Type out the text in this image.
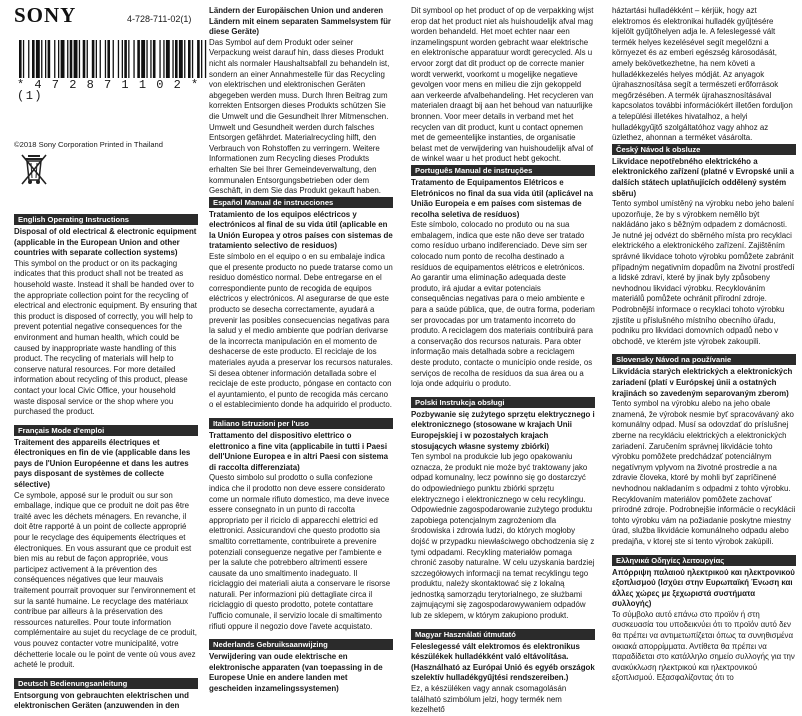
SONY	4-728-711-02(1)
* 4 7 2 8 7 1 1 0 2 * (1)
©2018 Sony Corporation Printed in Thailand
English Operating Instructions
Disposal of old electrical & electronic equipment (applicable in the European Union and other countries with separate collection systems)
This symbol on the product or on its packaging indicates that this product shall not be treated as household waste. Instead it shall be handed over to the appropriate collection point for the recycling of electrical and electronic equipment. By ensuring that this product is disposed of correctly, you will help to prevent potential negative consequences for the environment and human health, which could be caused by inappropriate waste handling of this product. The recycling of materials will help to conserve natural resources. For more detailed information about recycling of this product, please contact your local Civic Office, your household waste disposal service or the shop where you purchased the product.
Français Mode d'emploi
Traitement des appareils électriques et électroniques en fin de vie (applicable dans les pays de l'Union Européenne et dans les autres pays disposant de systèmes de collecte sélective)
Ce symbole, apposé sur le produit ou sur son emballage, indique que ce produit ne doit pas être traité avec les déchets ménagers. En revanche, il doit être rapporté à un point de collecte approprié pour le recyclage des équipements électriques et électroniques. En vous assurant que ce produit est bien mis au rebut de façon appropriée, vous participez activement à la prévention des conséquences négatives que leur mauvais traitement pourrait provoquer sur l'environnement et sur la santé humaine. Le recyclage des matériaux contribue par ailleurs à la préservation des ressources naturelles. Pour toute information complémentaire au sujet du recyclage de ce produit, vous pouvez contacter votre municipalité, votre déchetterie locale ou le point de vente où vous avez acheté le produit.
Deutsch Bedienungsanleitung
Entsorgung von gebrauchten elektrischen und elektronischen Geräten (anzuwenden in den
Ländern der Europäischen Union und anderen Ländern mit einem separaten Sammelsystem für diese Geräte)
Das Symbol auf dem Produkt oder seiner Verpackung weist darauf hin, dass dieses Produkt nicht als normaler Haushaltsabfall zu behandeln ist, sondern an einer Annahmestelle für das Recycling von elektrischen und elektronischen Geräten abgegeben werden muss. Durch Ihren Beitrag zum korrekten Entsorgen dieses Produkts schützen Sie die Umwelt und die Gesundheit Ihrer Mitmenschen. Umwelt und Gesundheit werden durch falsches Entsorgen gefährdet. Materialrecycling hilft, den Verbrauch von Rohstoffen zu verringern. Weitere Informationen zum Recycling dieses Produkts erhalten Sie bei Ihrer Gemeindeverwaltung, den kommunalen Entsorgungsbetrieben oder dem Geschäft, in dem Sie das Produkt gekauft haben.
Español Manual de instrucciones
Tratamiento de los equipos eléctricos y electrónicos al final de su vida útil (aplicable en la Unión Europea y otros países con sistemas de tratamiento selectivo de residuos)
Este símbolo en el equipo o en su embalaje indica que el presente producto no puede tratarse como un residuo doméstico normal. Debe entregarse en el correspondiente punto de recogida de equipos eléctricos y electrónicos. Al asegurarse de que este producto se desecha correctamente, ayudará a prevenir las posibles consecuencias negativas para la salud y el medio ambiente que podrían derivarse de la incorrecta manipulación en el momento de deshacerse de este producto. El reciclaje de los materiales ayuda a preservar los recursos naturales. Si desea obtener información detallada sobre el reciclaje de este producto, póngase en contacto con el ayuntamiento, el punto de recogida más cercano o el establecimiento donde ha adquirido el producto.
Italiano Istruzioni per l'uso
Trattamento del dispositivo elettrico o elettronico a fine vita (applicabile in tutti i Paesi dell'Unione Europea e in altri Paesi con sistema di raccolta differenziata)
Questo simbolo sul prodotto o sulla confezione indica che il prodotto non deve essere considerato come un normale rifiuto domestico, ma deve invece essere consegnato in un punto di raccolta appropriato per il riciclo di apparecchi elettrici ed elettronici. Assicurandovi che questo prodotto sia smaltito correttamente, contribuirete a prevenire potenziali conseguenze negative per l'ambiente e per la salute che potrebbero altrimenti essere causate da uno smaltimento inadeguato. Il riciclaggio dei materiali aiuta a conservare le risorse naturali. Per informazioni più dettagliate circa il riciclaggio di questo prodotto, potete contattare l'ufficio comunale, il servizio locale di smaltimento rifiuti oppure il negozio dove l'avete acquistato.
Nederlands Gebruiksaanwijzing
Verwijdering van oude elektrische en elektronische apparaten (van toepassing in de Europese Unie en andere landen met gescheiden inzamelingssystemen)
Dit symbool op het product of op de verpakking wijst erop dat het product niet als huishoudelijk afval mag worden behandeld. Het moet echter naar een inzamelingspunt worden gebracht waar elektrische en elektronische apparatuur wordt gerecycled. Als u ervoor zorgt dat dit product op de correcte manier wordt verwerkt, voorkomt u mogelijke negatieve gevolgen voor mens en milieu die zijn gekoppeld aan verkeerde afvalbehandeling. Het recycleren van materialen draagt bij aan het behoud van natuurlijke bronnen. Voor meer details in verband met het recyclen van dit product, kunt u contact opnemen met de gemeentelijke instanties, de organisatie belast met de verwijdering van huishoudelijk afval of de winkel waar u het product hebt gekocht.
Português Manual de instruções
Tratamento de Equipamentos Elétricos e Eletrónicos no final da sua vida útil (aplicável na União Europeia e em países com sistemas de recolha seletiva de resíduos)
Este símbolo, colocado no produto ou na sua embalagem, indica que este não deve ser tratado como resíduo urbano indiferenciado. Deve sim ser colocado num ponto de recolha destinado a resíduos de equipamentos elétricos e eletrónicos. Ao garantir uma eliminação adequada deste produto, irá ajudar a evitar potenciais consequências negativas para o meio ambiente e para a saúde pública, que, de outra forma, poderiam ser provocadas por um tratamento incorreto do produto. A reciclagem dos materiais contribuirá para a conservação dos recursos naturais. Para obter informação mais detalhada sobre a reciclagem deste produto, contacte o município onde reside, os serviços de recolha de resíduos da sua área ou a loja onde adquiriu o produto.
Polski Instrukcja obsługi
Pozbywanie się zużytego sprzętu elektrycznego i elektronicznego (stosowane w krajach Unii Europejskiej i w pozostałych krajach stosujących własne systemy zbiórki)
Ten symbol na produkcie lub jego opakowaniu oznacza, że produkt nie może być traktowany jako odpad komunalny, lecz powinno się go dostarczyć do odpowiedniego punktu zbiórki sprzętu elektrycznego i elektronicznego w celu recyklingu. Odpowiednie zagospodarowanie zużytego produktu zapobiega potencjalnym zagrożeniom dla środowiska i zdrowia ludzi, do których mogłoby dojść w przypadku niewłaściwego obchodzenia się z tymi odpadami. Recykling materiałów pomaga chronić zasoby naturalne. W celu uzyskania bardziej szczegółowych informacji na temat recyklingu tego produktu, należy skontaktować się z lokalną jednostką samorządu terytorialnego, ze służbami zajmującymi się zagospodarowywaniem odpadów lub ze sklepem, w którym zakupiono produkt.
Magyar Használati útmutató
Feleslegessé vált elektromos és elektronikus készülékek hulladékként való eltávolítása. (Használható az Európai Unió és egyéb országok szelektív hulladékgyűjtési rendszereiben.)
Ez, a készüléken vagy annak csomagolásán található szimbólum jelzi, hogy termék nem kezelhető
háztartási hulladékként – kérjük, hogy azt elektromos és elektronikai hulladék gyűjtésére kijelölt gyűjtőhelyen adja le. A feleslegessé vált termék helyes kezelésével segít megelőzni a környezet és az emberi egészség károsodását, amely bekövetkezhetne, ha nem követi a hulladékkezelés helyes módját. Az anyagok újrahasznosítása segít a természeti erőforrások megőrzésében. A termék újrahasznosításával kapcsolatos további információkért illetően forduljon a települési illetékes hivatalhoz, a helyi hulladékgyűjtő szolgáltatóhoz vagy ahhoz az üzlethez, ahonnan a terméket vásárolta.
Český Návod k obsluze
Likvidace nepotřebného elektrického a elektronického zařízení (platné v Evropské unii a dalších státech uplatňujících oddělený systém sběru)
Tento symbol umístěný na výrobku nebo jeho balení upozorňuje, že by s výrobkem neměllo být nakládáno jako s běžným odpadem z domácnosti. Je nutné jej odvézt do sběrného místa pro recyklaci elektrického a elektronického zařízení. Zajištěním správné likvidace tohoto výrobku pomůžete zabránit případným negativním dopadům na životní prostředí a lidské zdraví, které by jinak byly způsobeny nevhodnou likvidací výrobku. Recyklováním materiálů pomůžete ochránit přírodní zdroje. Podrobnější informace o recyklaci tohoto výrobku zjistíte u příslušného místního obecního úřadu, podniku pro likvidaci domovních odpadů nebo v obchodě, ve kterém jste výrobek zakoupili.
Slovensky Návod na používanie
Likvidácia starých elektrických a elektronických zariadení (platí v Európskej únii a ostatných krajinách so zavedeným separovaným zberom)
Tento symbol na výrobku alebo na jeho obale znamená, že výrobok nesmie byť spracovávaný ako komunálny odpad. Musí sa odovzdať do príslušnej zberne na recykláciu elektrických a elektronických zariadení. Zaručením správnej likvidácie tohto výrobku pomôžete predchádzať potenciálnym negatívnym vplyvom na životné prostredie a na zdravie človeka, ktoré by mohli byť zapríčinené nevhodnou nakladaním s odpadmi z tohto výrobku. Recyklovaním materiálov pomôžete zachovať prírodné zdroje. Podrobnejšie informácie o recyklácii tohto výrobku vám na požiadanie poskytne miestny úrad, služba likvidácie komunálneho odpadu alebo predajňa, v ktorej ste si tento výrobok zakúpili.
Ελληνικά Οδηγίες λειτουργίας
Απόρριψη παλαιού ηλεκτρικού και ηλεκτρονικού εξοπλισμού (Ισχύει στην Ευρωπαϊκή Ένωση και άλλες χώρες με ξεχωριστά συστήματα συλλογής)
Το σύμβολο αυτό επάνω στο προϊόν ή στη συσκευασία του υποδεικνύει ότι το προϊόν αυτό δεν θα πρέπει να αντιμετωπίζεται όπως τα συνηθισμένα οικιακά απορρίμματα. Αντίθετα θα πρέπει να παραδίδεται στο κατάλληλο σημείο συλλογής για την ανακύκλωση ηλεκτρικού και ηλεκτρονικού εξοπλισμού. Εξασφαλίζοντας ότι το
